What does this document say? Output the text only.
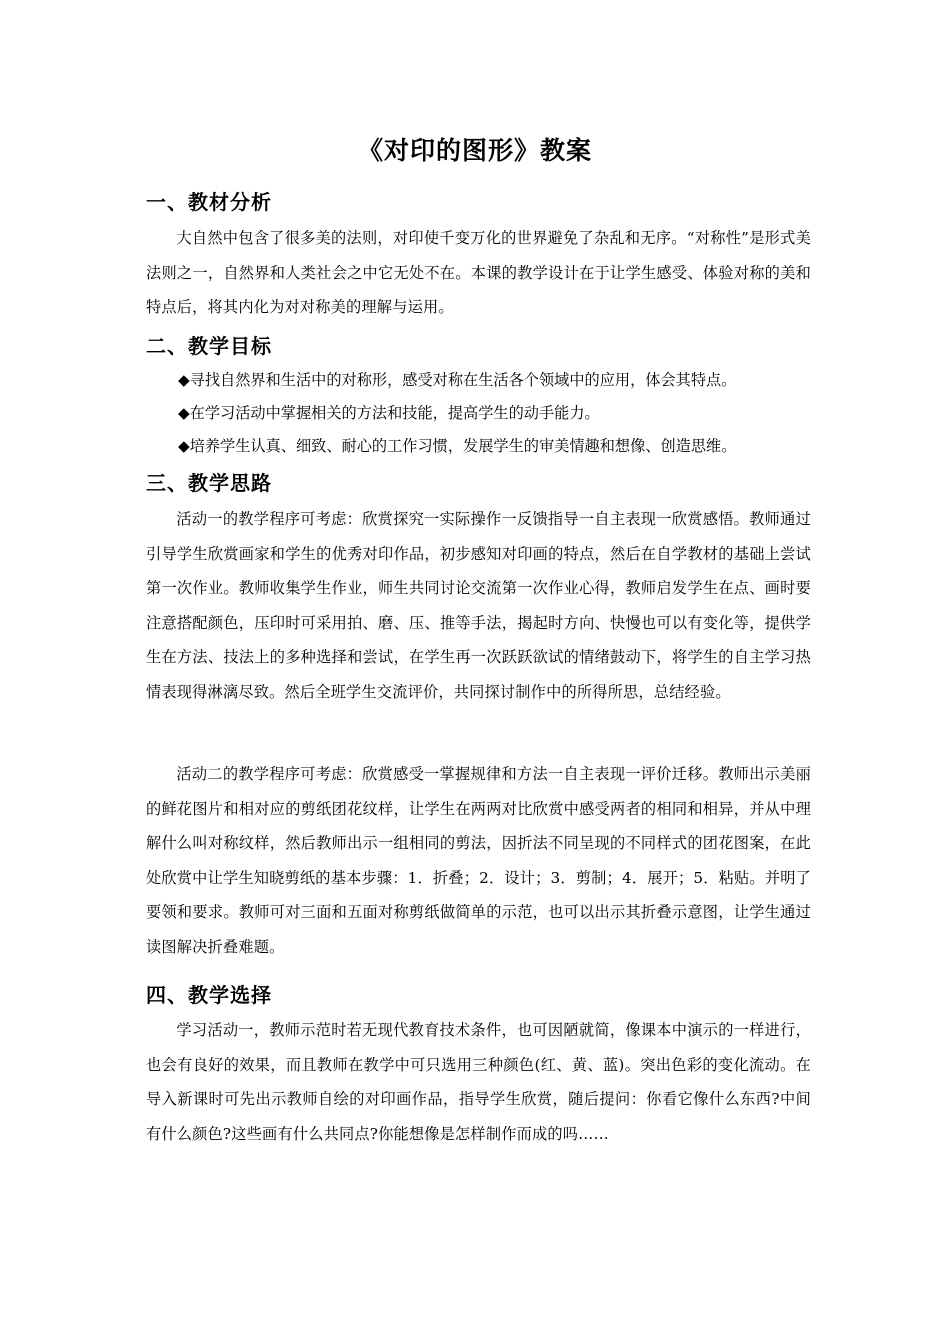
《对印的图形》教案
一、教材分析
大自然中包含了很多美的法则，对印使千变万化的世界避免了杂乱和无序。“对称性”是形式美法则之一，自然界和人类社会之中它无处不在。本课的教学设计在于让学生感受、体验对称的美和特点后，将其内化为对对称美的理解与运用。
二、教学目标
◆寻找自然界和生活中的对称形，感受对称在生活各个领域中的应用，体会其特点。
◆在学习活动中掌握相关的方法和技能，提高学生的动手能力。
◆培养学生认真、细致、耐心的工作习惯，发展学生的审美情趣和想像、创造思维。
三、教学思路
活动一的教学程序可考虑：欣赏探究一实际操作一反馈指导一自主表现一欣赏感悟。教师通过引导学生欣赏画家和学生的优秀对印作品，初步感知对印画的特点，然后在自学教材的基础上尝试第一次作业。教师收集学生作业，师生共同讨论交流第一次作业心得，教师启发学生在点、画时要注意搭配颜色，压印时可采用拍、磨、压、推等手法，揭起时方向、快慢也可以有变化等，提供学生在方法、技法上的多种选择和尝试，在学生再一次跃跃欲试的情绪鼓动下，将学生的自主学习热情表现得淋漓尽致。然后全班学生交流评价，共同探讨制作中的所得所思，总结经验。
活动二的教学程序可考虑：欣赏感受一掌握规律和方法一自主表现一评价迁移。教师出示美丽的鲜花图片和相对应的剪纸团花纹样，让学生在两两对比欣赏中感受两者的相同和相异，并从中理解什么叫对称纹样，然后教师出示一组相同的剪法，因折法不同呈现的不同样式的团花图案，在此处欣赏中让学生知晓剪纸的基本步骤：1．折叠；2．设计；3．剪制；4．展开；5．粘贴。并明了要领和要求。教师可对三面和五面对称剪纸做简单的示范，也可以出示其折叠示意图，让学生通过读图解决折叠难题。
四、教学选择
学习活动一，教师示范时若无现代教育技术条件，也可因陋就简，像课本中演示的一样进行，也会有良好的效果，而且教师在教学中可只选用三种颜色(红、黄、蓝)。突出色彩的变化流动。在导入新课时可先出示教师自绘的对印画作品，指导学生欣赏，随后提问：你看它像什么东西?中间有什么颜色?这些画有什么共同点?你能想像是怎样制作而成的吗……
